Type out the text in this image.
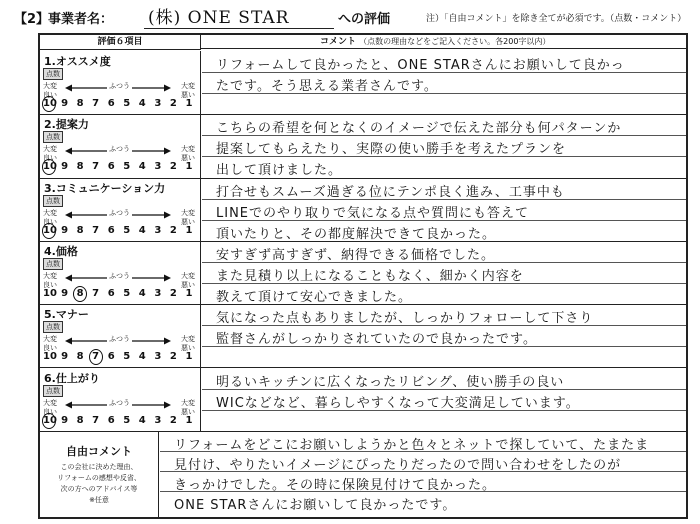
【2】
事業者名： (株) ONE STAR	への評価	注）「自由コメント」を除き全てが必須です。（点数・コメント）
評価６項目	コメント （点数の理由などをご記入ください。各200字以内）
1.オススメ度
点数
大変
良い
ふつう	大変
悪い
10 9 8 7 6 5 4 3 2 1
リフォームして良かったと、ONE STARさんにお願いして良かっ
たです。そう思える業者さんです。
2.提案力
点数
大変
良い
ふつう	大変
悪い
10 9 8 7 6 5 4 3 2 1
こちらの希望を何となくのイメージで伝えた部分も何パターンか
提案してもらえたり、実際の使い勝手を考えたプランを
出して頂けました。
3.コミュニケーション力
点数
大変
良い
ふつう	大変
悪い
10 9 8 7 6 5 4 3 2 1
打合せもスムーズ過ぎる位にテンポ良く進み、工事中も
LINEでのやり取りで気になる点や質問にも答えて
頂いたりと、その都度解決できて良かった。
4.価格
点数
大変
良い
ふつう	大変
悪い
10 9 8 7 6 5 4 3 2 1
安すぎず高すぎず、納得できる価格でした。
また見積り以上になることもなく、細かく内容を
教えて頂けて安心できました。
5.マナー
点数
大変
良い
ふつう	大変
悪い
10 9 8 7 6 5 4 3 2 1
気になった点もありましたが、しっかりフォローして下さり
監督さんがしっかりされていたので良かったです。
6.仕上がり
点数
大変
良い
ふつう	大変
悪い
10 9 8 7 6 5 4 3 2 1
明るいキッチンに広くなったリビング、使い勝手の良い
WICなどなど、暮らしやすくなって大変満足しています。
自由コメント
この会社に決めた理由、
リフォームの感想や反省、
次の方へのアドバイス等
※任意
リフォームをどこにお願いしようかと色々とネットで探していて、たまたま
見付け、やりたいイメージにぴったりだったので問い合わせをしたのが
きっかけでした。その時に保険見付けて良かった。
ONE STARさんにお願いして良かったです。
